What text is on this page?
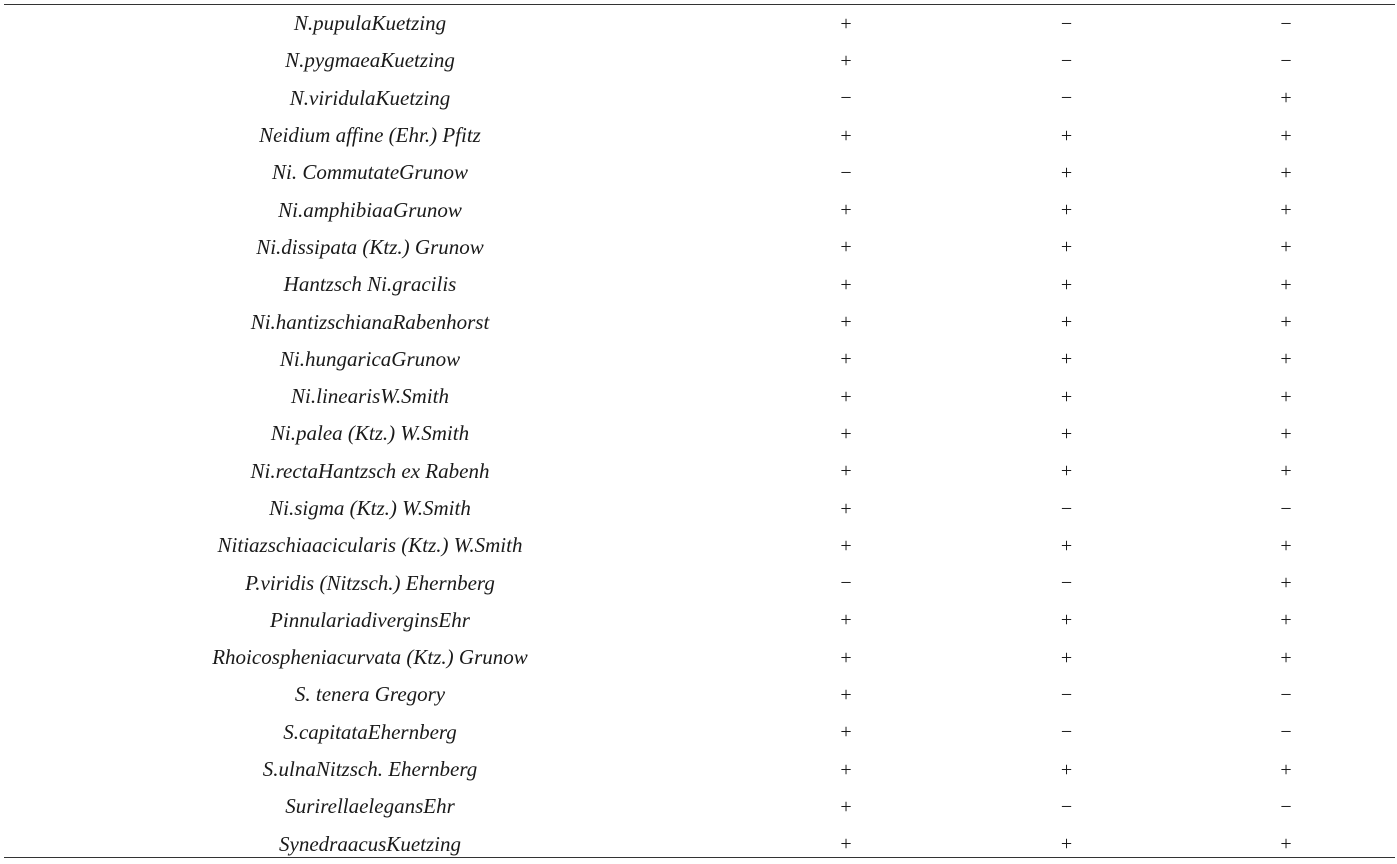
N.pupulaKuetzing	+	−	−
N.pygmaeaKuetzing	+	−	−
N.viridulaKuetzing	−	−	+
Neidium affine (Ehr.) Pfitz	+	+	+
Ni. CommutateGrunow	−	+	+
Ni.amphibiaaGrunow	+	+	+
Ni.dissipata (Ktz.) Grunow	+	+	+
Hantzsch Ni.gracilis	+	+	+
Ni.hantizschianaRabenhorst	+	+	+
Ni.hungaricaGrunow	+	+	+
Ni.linearisW.Smith	+	+	+
Ni.palea (Ktz.) W.Smith	+	+	+
Ni.rectaHantzsch ex Rabenh	+	+	+
Ni.sigma (Ktz.) W.Smith	+	−	−
Nitiazschiaacicularis (Ktz.) W.Smith	+	+	+
P.viridis (Nitzsch.) Ehernberg	−	−	+
PinnulariadiverginsEhr	+	+	+
Rhoicospheniacurvata (Ktz.) Grunow	+	+	+
S. tenera Gregory	+	−	−
S.capitataEhernberg	+	−	−
S.ulnaNitzsch. Ehernberg	+	+	+
SurirellaelegansEhr	+	−	−
SynedraacusKuetzing	+	+	+
